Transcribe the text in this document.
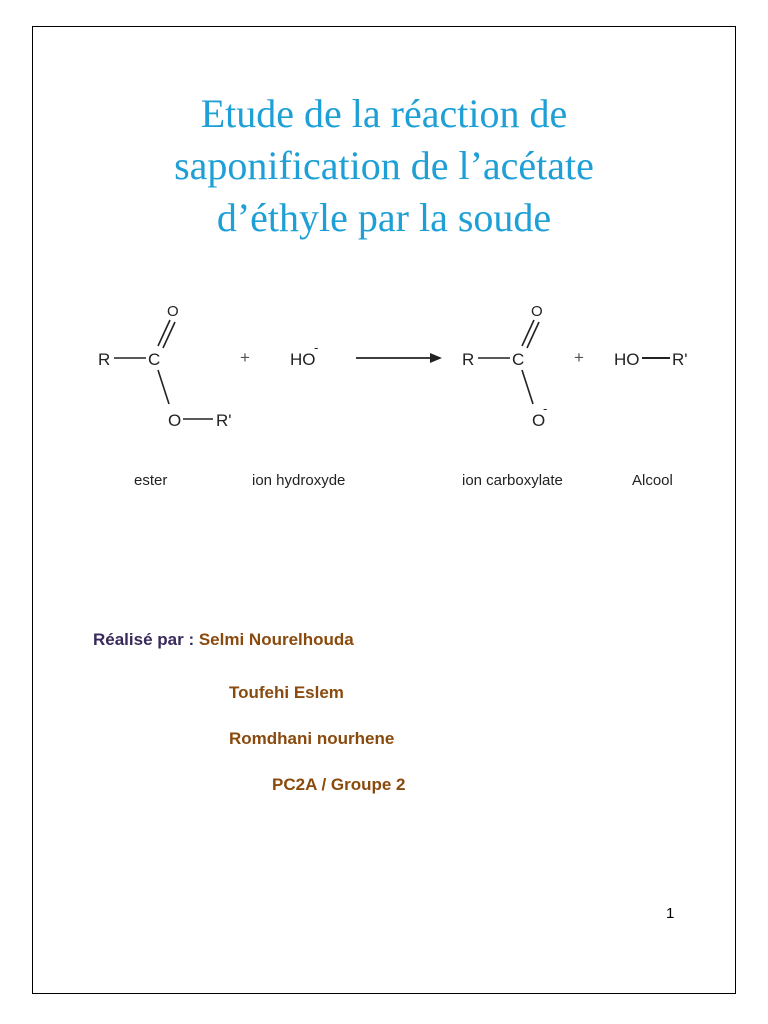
Etude de la réaction de
saponification de l’acétate
d’éthyle par la soude
R C
O
O R'
+ HO
-
R C
O
O
-
+ HO R'
ester	ion hydroxyde	ion carboxylate	Alcool
Réalisé par : Selmi Nourelhouda
Toufehi Eslem
Romdhani nourhene
PC2A / Groupe 2
1
